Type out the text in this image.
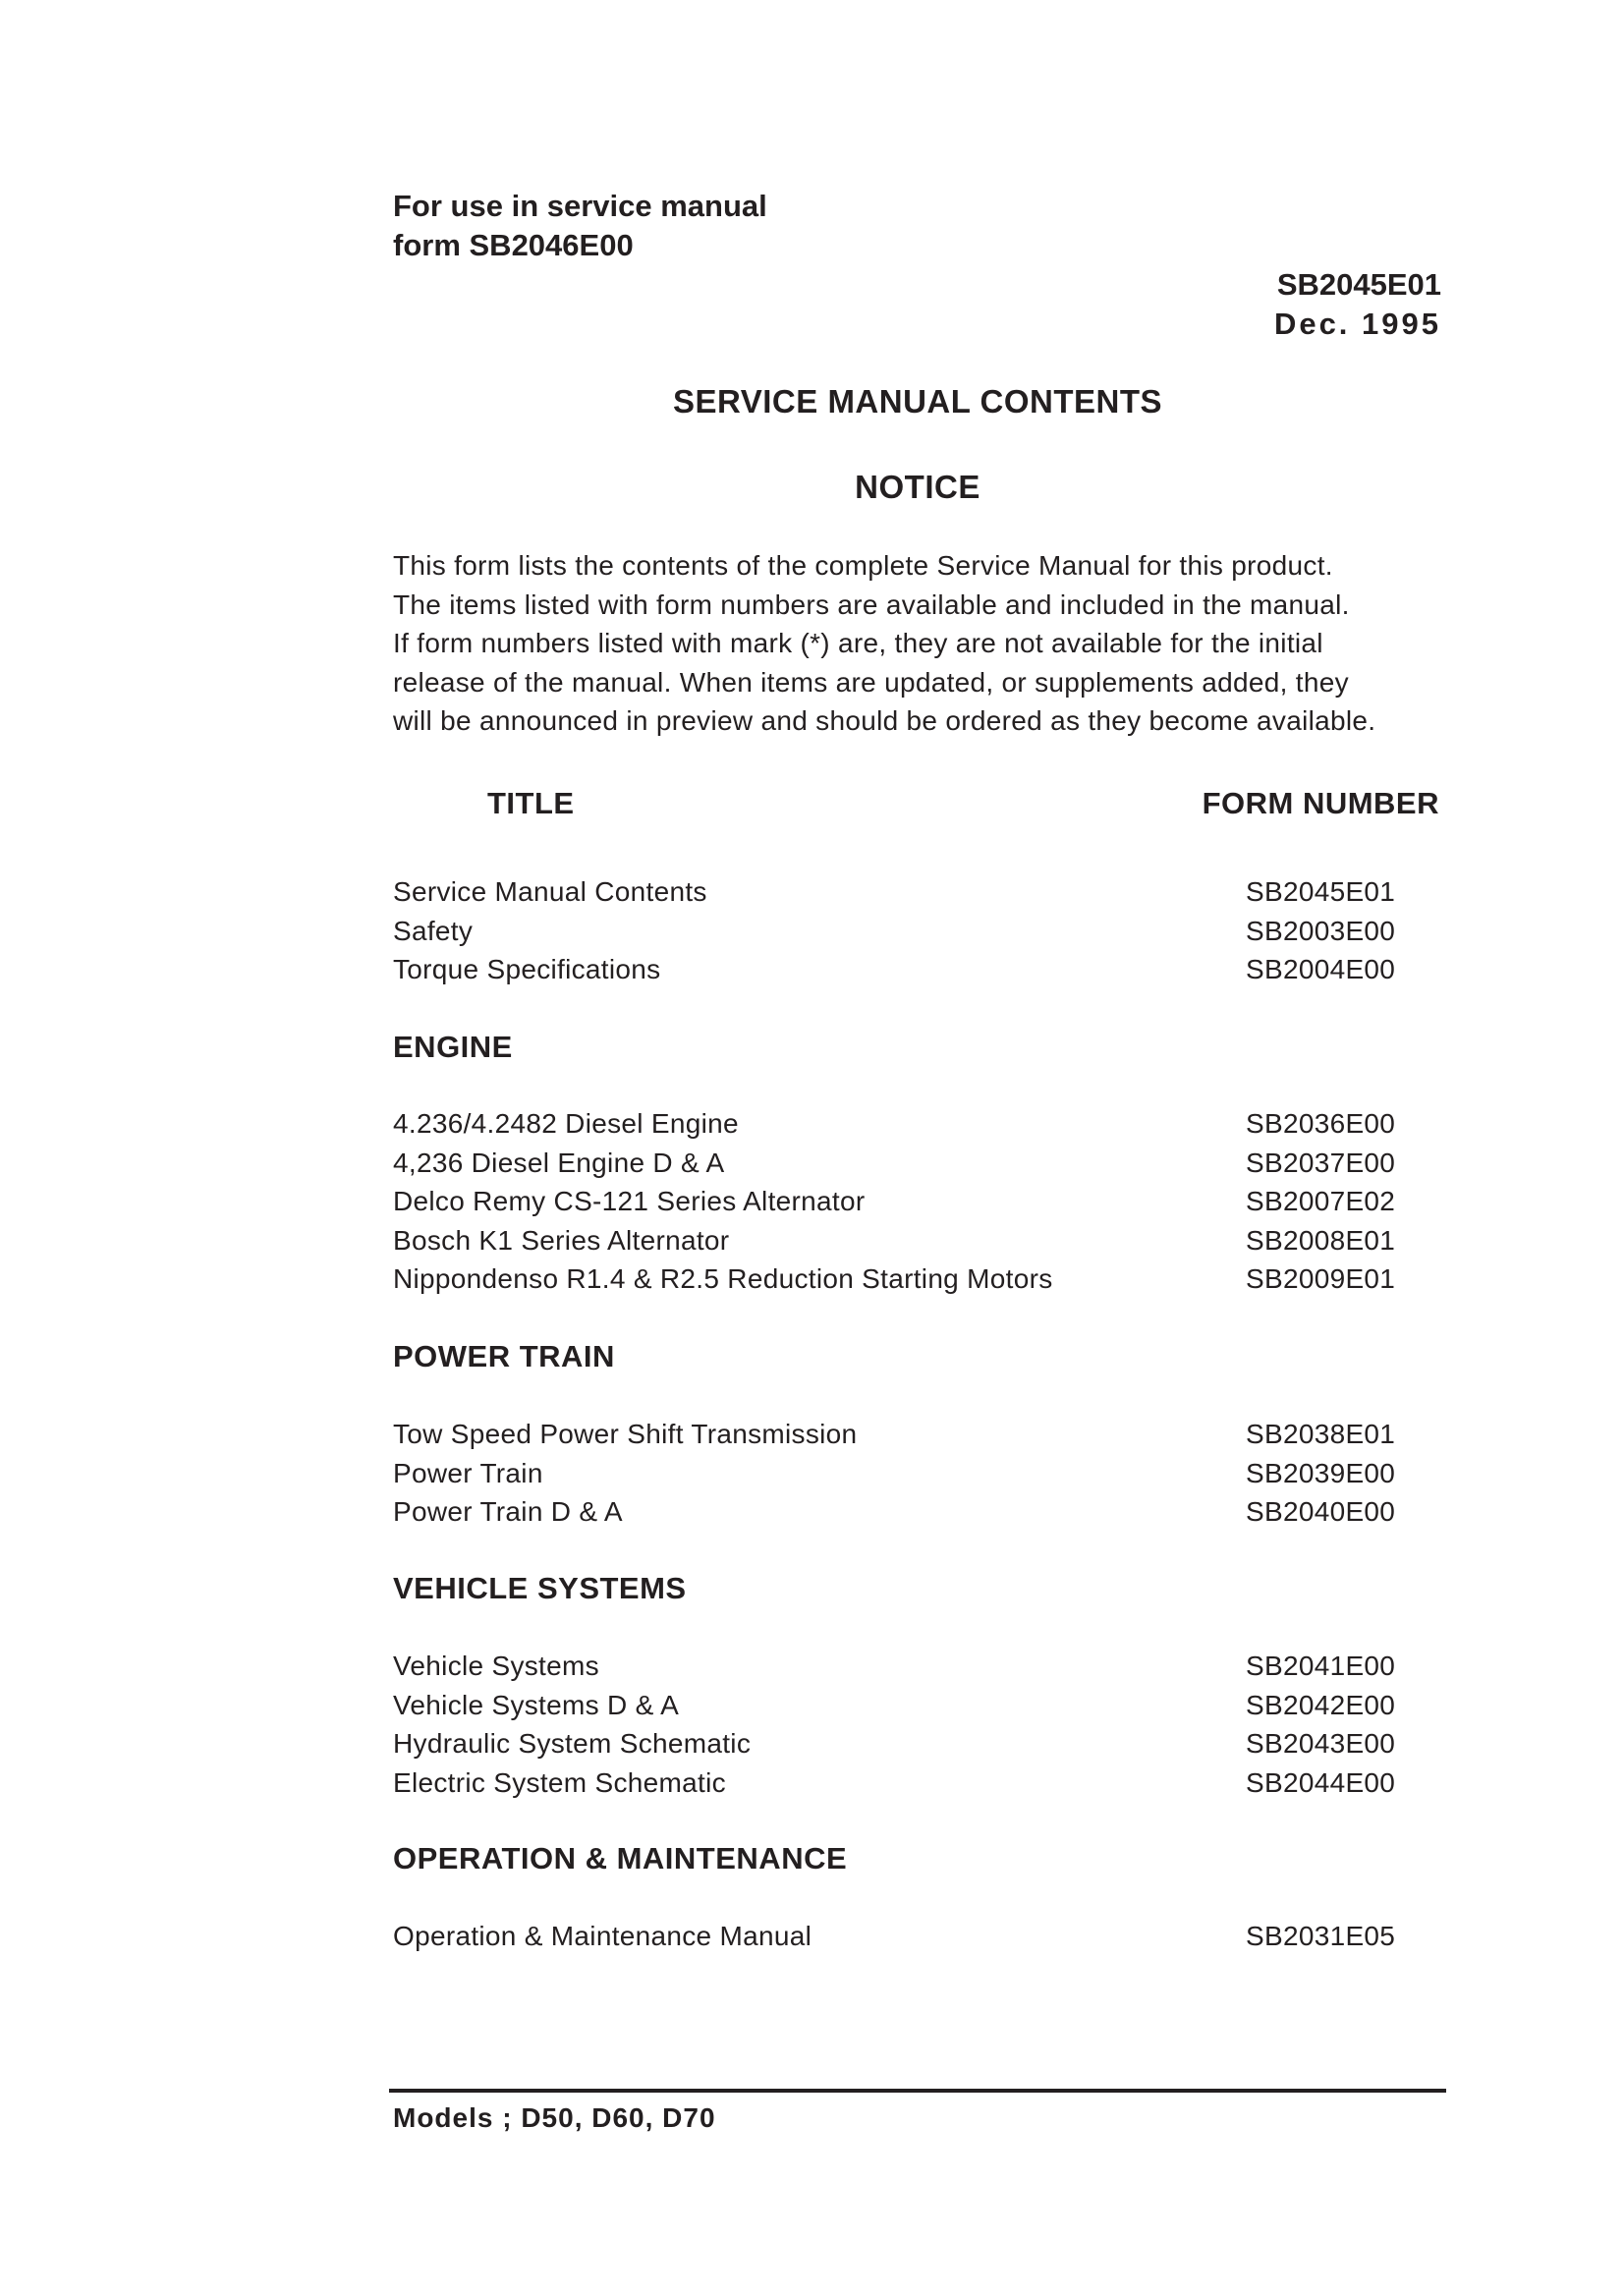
For use in service manual
form SB2046E00
SB2045E01
Dec. 1995
SERVICE MANUAL CONTENTS
NOTICE
This form lists the contents of the complete Service Manual for this product.
The items listed with form numbers are available and included in the manual.
If form numbers listed with mark (*) are, they are not available for the initial
release of the manual. When items are updated, or supplements added, they
will be announced in preview and should be ordered as they become available.
TITLE	FORM NUMBER
Service Manual Contents	SB2045E01
Safety	SB2003E00
Torque Specifications	SB2004E00
ENGINE
4.236/4.2482 Diesel Engine	SB2036E00
4,236 Diesel Engine D & A	SB2037E00
Delco Remy CS-121 Series Alternator	SB2007E02
Bosch K1 Series Alternator	SB2008E01
Nippondenso R1.4 & R2.5 Reduction Starting Motors	SB2009E01
POWER TRAIN
Tow Speed Power Shift Transmission	SB2038E01
Power Train	SB2039E00
Power Train D & A	SB2040E00
VEHICLE SYSTEMS
Vehicle Systems	SB2041E00
Vehicle Systems D & A	SB2042E00
Hydraulic System Schematic	SB2043E00
Electric System Schematic	SB2044E00
OPERATION & MAINTENANCE
Operation & Maintenance Manual	SB2031E05
Models ; D50, D60, D70
